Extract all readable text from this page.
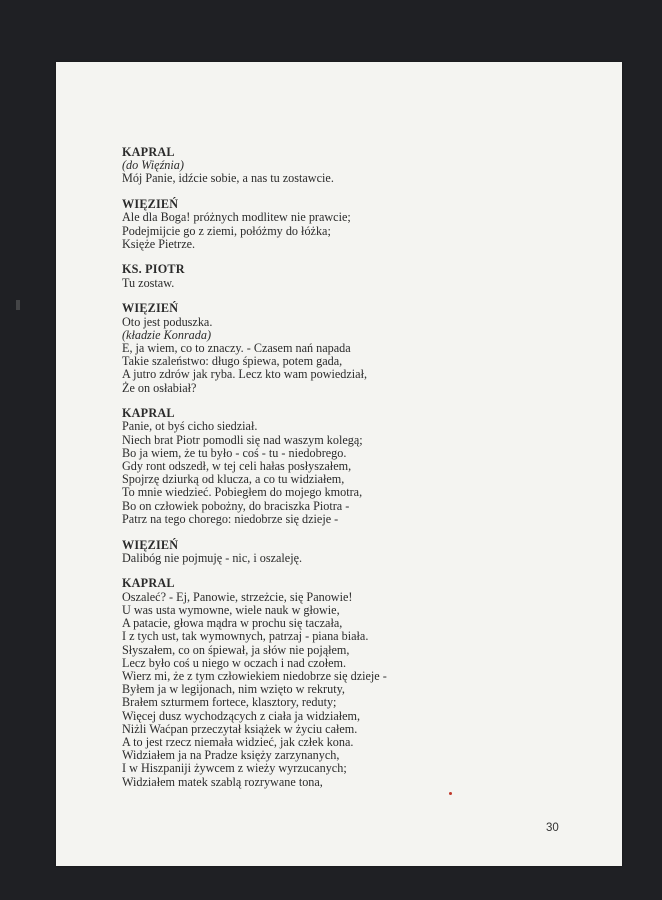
KAPRAL
(do Więźnia)
Mój Panie, idźcie sobie, a nas tu zostawcie.
WIĘZIEŃ
Ale dla Boga! próżnych modlitew nie prawcie;
Podejmijcie go z ziemi, połóżmy do łóżka;
Księże Pietrze.
KS. PIOTR
Tu zostaw.
WIĘZIEŃ
Oto jest poduszka.
(kładzie Konrada)
E, ja wiem, co to znaczy. - Czasem nań napada
Takie szaleństwo: długo śpiewa, potem gada,
A jutro zdrów jak ryba. Lecz kto wam powiedział,
Że on osłabiał?
KAPRAL
Panie, ot byś cicho siedział.
Niech brat Piotr pomodli się nad waszym kolegą;
Bo ja wiem, że tu było - coś - tu - niedobrego.
Gdy ront odszedł, w tej celi hałas posłyszałem,
Spojrzę dziurką od klucza, a co tu widziałem,
To mnie wiedzieć. Pobiegłem do mojego kmotra,
Bo on człowiek pobożny, do braciszka Piotra -
Patrz na tego chorego: niedobrze się dzieje -
WIĘZIEŃ
Dalibóg nie pojmuję - nic, i oszaleję.
KAPRAL
Oszaleć? - Ej, Panowie, strzeżcie, się Panowie!
U was usta wymowne, wiele nauk w głowie,
A patacie, głowa mądra w prochu się taczała,
I z tych ust, tak wymownych, patrzaj - piana biała.
Słyszałem, co on śpiewał, ja słów nie pojąłem,
Lecz było coś u niego w oczach i nad czołem.
Wierz mi, że z tym człowiekiem niedobrze się dzieje -
Byłem ja w legijonach, nim wzięto w rekruty,
Brałem szturmem fortece, klasztory, reduty;
Więcej dusz wychodzących z ciała ja widziałem,
Niżli Waćpan przeczytał książek w życiu całem.
A to jest rzecz niemała widzieć, jak człek kona.
Widziałem ja na Pradze księży zarzynanych,
I w Hiszpaniji żywcem z wieży wyrzucanych;
Widziałem matek szablą rozrywane tona,
30
